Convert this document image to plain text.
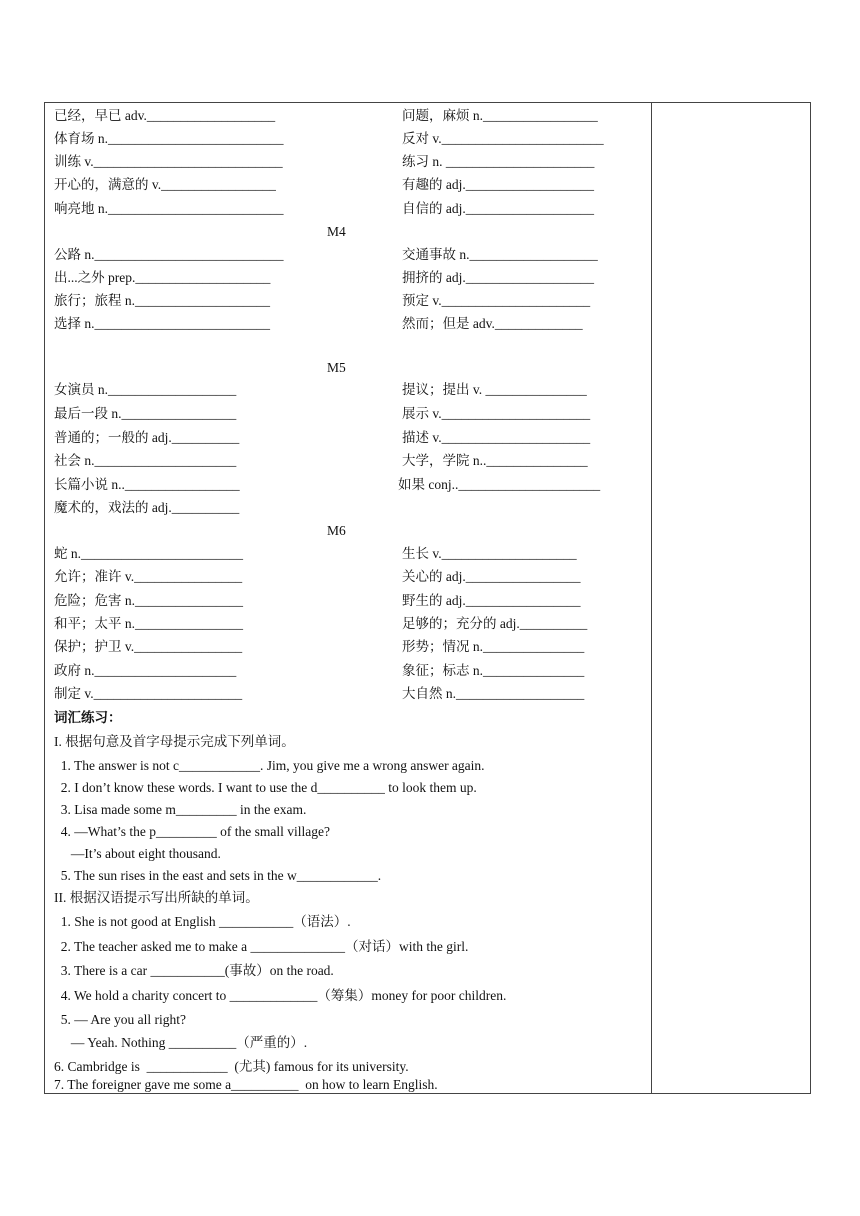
已经，早已 adv.___________________	问题，麻烦 n._________________
体育场 n.__________________________	反对 v.________________________
训练 v.____________________________	练习 n. ______________________
开心的，满意的 v._________________	有趣的 adj.___________________
响亮地 n.__________________________	自信的 adj.___________________
M4
公路 n.____________________________	交通事故 n.___________________
出...之外 prep.____________________	拥挤的 adj.___________________
旅行；旅程 n.____________________	预定 v.______________________
选择 n.__________________________	然而；但是 adv._____________
M5
女演员 n.___________________	提议；提出 v. _______________
最后一段 n._________________	展示 v.______________________
普通的；一般的 adj.__________	描述 v.______________________
社会 n._____________________	大学，学院 n.._______________
长篇小说 n.._________________	如果 conj.._____________________
魔术的，戏法的 adj.__________
M6
蛇 n.________________________	生长 v.____________________
允许；准许 v.________________	关心的 adj._________________
危险；危害 n.________________	野生的 adj._________________
和平；太平 n.________________	足够的；充分的 adj.__________
保护；护卫 v.________________	形势；情况 n._______________
政府 n._____________________	象征；标志 n._______________
制定 v.______________________	大自然 n.___________________
词汇练习：
I. 根据句意及首字母提示完成下列单词。
1. The answer is not c____________. Jim, you give me a wrong answer again.
2. I don’t know these words. I want to use the d__________ to look them up.
3. Lisa made some m_________ in the exam.
4. —What’s the p_________ of the small village?
—It’s about eight thousand.
5. The sun rises in the east and sets in the w____________.
II. 根据汉语提示写出所缺的单词。
1. She is not good at English ___________（语法）.
2. The teacher asked me to make a ______________（对话）with the girl.
3. There is a car ___________(事故）on the road.
4. We hold a charity concert to _____________（筹集）money for poor children.
5. — Are you all right?
— Yeah. Nothing __________（严重的）.
6. Cambridge is  ____________  (尤其) famous for its university.
7. The foreigner gave me some a__________  on how to learn English.
